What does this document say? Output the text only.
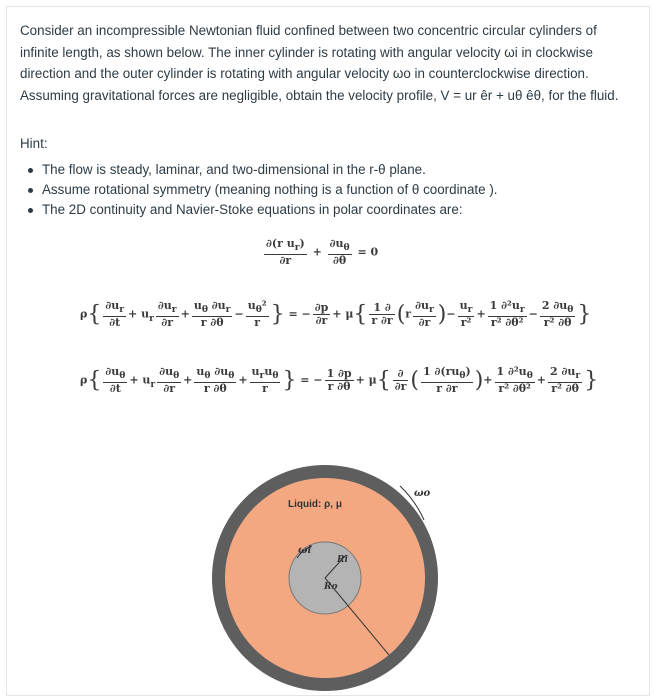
Consider an incompressible Newtonian fluid confined between two concentric circular cylinders of infinite length, as shown below. The inner cylinder is rotating with angular velocity ωi in clockwise direction and the outer cylinder is rotating with angular velocity ωo in counterclockwise direction. Assuming gravitational forces are negligible, obtain the velocity profile, V = ur êr + uθ êθ, for the fluid.
Hint:
The flow is steady, laminar, and two-dimensional in the r-θ plane.
Assume rotational symmetry (meaning nothing is a function of θ coordinate ).
The 2D continuity and Navier-Stoke equations in polar coordinates are:
$\frac{\partial(r u_r)}{\partial r} + \frac{\partial u_\theta}{\partial\theta} = 0$
$\rho\{ \frac{\partial u_r}{\partial t} + u_r \frac{\partial u_r}{\partial r} + \frac{u_\theta \partial u_r}{r \partial\theta} - \frac{u_\theta^2}{r}$ } = − $\frac{\partial p}{\partial r} + \mu\{ \frac{1 \partial}{r \partial r} (r \frac{\partial u_r}{\partial r}$ )− $\frac{u_r}{\text{r²}} + \frac{1 \partial^2u_r}{\text{r² ∂θ²}} - \frac{2 \partial u_\theta}{\text{r² ∂θ}}$ }
$\rho\{ \frac{\partial u_\theta}{\partial t} + u_r \frac{\partial u_\theta}{\partial r} + \frac{u_\theta \partial u_\theta}{r \partial\theta} + \frac{u_ru_\theta}{r}$ } = − $\frac{1 \partial p}{r \partial\theta} + \mu\{ \frac{\partial}{\partial r}$ ( $\frac{1 \partial(ru_\theta)}{r \partial r}$ )+ $\frac{1 \partial^2u_\theta}{\text{r² ∂θ²}} + \frac{2 \partial u_r}{\text{r² ∂θ}}$ }
Liquid: ρ, μ
ωi
ωo
Ri
Ro
